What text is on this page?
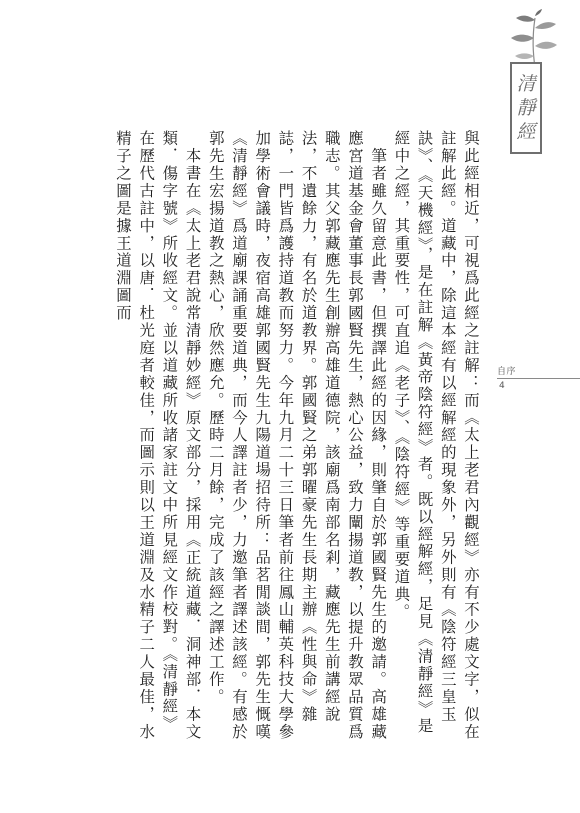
清
靜
經
自序
4

與此經相近，可視爲此經之註解：而《太上老君內觀經》亦有不少處文字，似在註解此經。道藏中，除這本經有以經解經的現象外，另外則有《陰符經三皇玉訣》、《天機經》，是在註解《黃帝陰符經》者。既以經解經，足見《清靜經》是經中之經，其重要性，可直追《老子》、《陰符經》等重要道典。

　筆者雖久留意此書，但撰譯此經的因緣，則肇自於郭國賢先生的邀請。高雄藏應宮道基金會董事長郭國賢先生，熱心公益，致力闡揚道教，以提升教眾品質爲職志。其父郭藏應先生創辦高雄道德院，該廟爲南部名剎，藏應先生前講經說法，不遺餘力，有名於道教界。郭國賢之弟郭曜豪先生長期主辦《性與命》雜誌，一門皆爲護持道教而努力。今年九月二十三日筆者前往鳳山輔英科技大學參加學術會議時，夜宿高雄郭國賢先生九陽道場招待所：品茗閒談間，郭先生慨嘆《清靜經》爲道廟課誦重要道典，而今人譯註者少，力邀筆者譯述該經。有感於郭先生宏揚道教之熱心，欣然應允。歷時二月餘，完成了該經之譯述工作。

　本書在《太上老君說常清靜妙經》原文部分，採用《正統道藏．洞神部．本文類．傷字號》所收經文。並以道藏所收諸家註文中所見經文作校對。《清靜經》在歷代古註中，以唐．杜光庭者較佳，而圖示則以王道淵及水精子二人最佳，水精子之圖是據王道淵圖而
